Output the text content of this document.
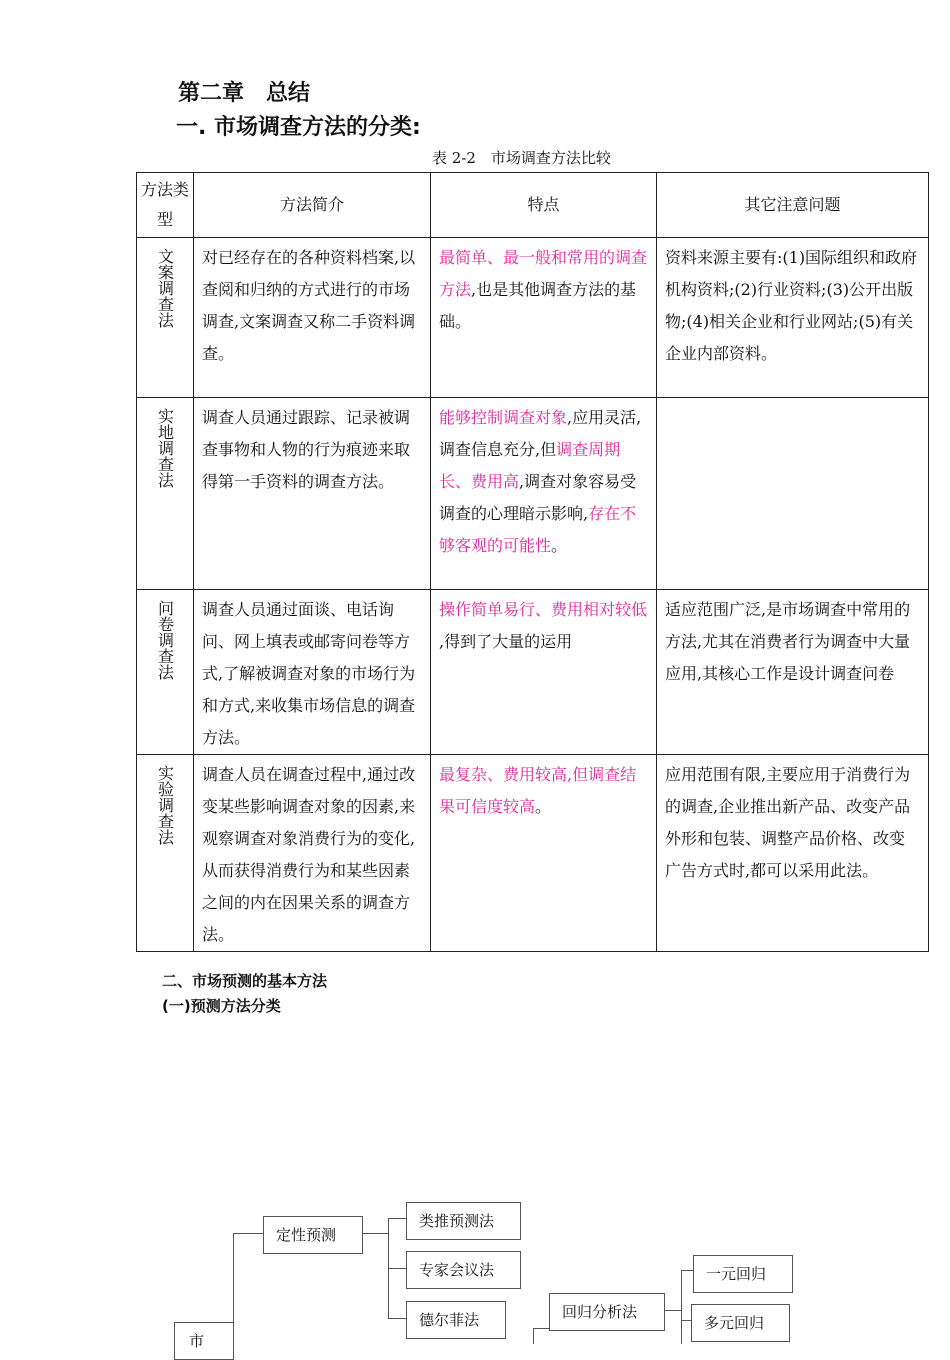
第二章　总结
一. 市场调查方法的分类:
表 2-2　市场调查方法比较
方法类型	方法简介	特点	其它注意问题
文案调查法	对已经存在的各种资料档案,以查阅和归纳的方式进行的市场调查,文案调查又称二手资料调查。	最简单、最一般和常用的调查方法,也是其他调查方法的基础。	资料来源主要有:(1)国际组织和政府机构资料;(2)行业资料;(3)公开出版物;(4)相关企业和行业网站;(5)有关企业内部资料。
实地调查法	调查人员通过跟踪、记录被调查事物和人物的行为痕迹来取得第一手资料的调查方法。	能够控制调查对象,应用灵活,调查信息充分,但调查周期长、费用高,调查对象容易受调查的心理暗示影响,存在不够客观的可能性。	
问卷调查法	调查人员通过面谈、电话询问、网上填表或邮寄问卷等方式,了解被调查对象的市场行为和方式,来收集市场信息的调查方法。	操作简单易行、费用相对较低 ,得到了大量的运用	适应范围广泛,是市场调查中常用的方法,尤其在消费者行为调查中大量应用,其核心工作是设计调查问卷
实验调查法	调查人员在调查过程中,通过改变某些影响调查对象的因素,来观察调查对象消费行为的变化,从而获得消费行为和某些因素之间的内在因果关系的调查方法。	最复杂、费用较高,但调查结果可信度较高。	应用范围有限,主要应用于消费行为的调查,企业推出新产品、改变产品外形和包装、调整产品价格、改变广告方式时,都可以采用此法。
二、市场预测的基本方法
(一)预测方法分类
市
定性预测
类推预测法
专家会议法
德尔菲法	回归分析法
一元回归
多元回归
